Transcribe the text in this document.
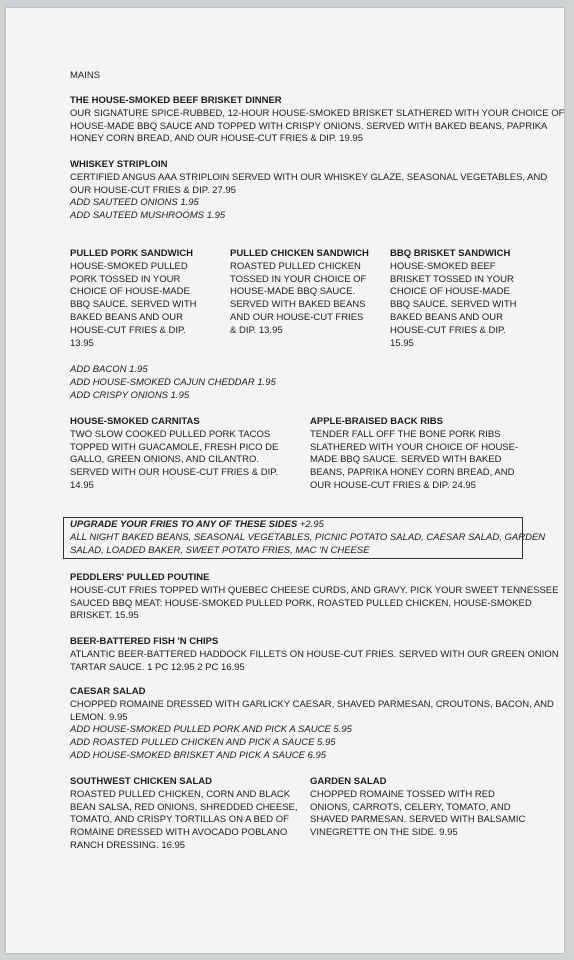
MAINS
THE HOUSE-SMOKED BEEF BRISKET DINNER
OUR SIGNATURE SPICE-RUBBED, 12-HOUR HOUSE-SMOKED BRISKET SLATHERED WITH YOUR CHOICE OF
HOUSE-MADE BBQ SAUCE AND TOPPED WITH CRISPY ONIONS. SERVED WITH BAKED BEANS, PAPRIKA
HONEY CORN BREAD, AND OUR HOUSE-CUT FRIES & DIP. 19.95
WHISKEY STRIPLOIN
CERTIFIED ANGUS AAA STRIPLOIN SERVED WITH OUR WHISKEY GLAZE, SEASONAL VEGETABLES, AND
OUR HOUSE-CUT FRIES & DIP. 27.95
ADD SAUTEED ONIONS 1.95
ADD SAUTEED MUSHROOMS 1.95
PULLED PORK SANDWICH
HOUSE-SMOKED PULLED
PORK TOSSED IN YOUR
CHOICE OF HOUSE-MADE
BBQ SAUCE. SERVED WITH
BAKED BEANS AND OUR
HOUSE-CUT FRIES & DIP.
13.95
PULLED CHICKEN SANDWICH
ROASTED PULLED CHICKEN
TOSSED IN YOUR CHOICE OF
HOUSE-MADE BBQ SAUCE.
SERVED WITH BAKED BEANS
AND OUR HOUSE-CUT FRIES
& DIP. 13.95
BBQ BRISKET SANDWICH
HOUSE-SMOKED BEEF
BRISKET TOSSED IN YOUR
CHOICE OF HOUSE-MADE
BBQ SAUCE. SERVED WITH
BAKED BEANS AND OUR
HOUSE-CUT FRIES & DIP.
15.95
ADD BACON 1.95
ADD HOUSE-SMOKED CAJUN CHEDDAR 1.95
ADD CRISPY ONIONS 1.95
HOUSE-SMOKED CARNITAS
TWO SLOW COOKED PULLED PORK TACOS
TOPPED WITH GUACAMOLE, FRESH PICO DE
GALLO, GREEN ONIONS, AND CILANTRO.
SERVED WITH OUR HOUSE-CUT FRIES & DIP.
14.95
APPLE-BRAISED BACK RIBS
TENDER FALL OFF THE BONE PORK RIBS
SLATHERED WITH YOUR CHOICE OF HOUSE-
MADE BBQ SAUCE. SERVED WITH BAKED
BEANS, PAPRIKA HONEY CORN BREAD, AND
OUR HOUSE-CUT FRIES & DIP. 24.95
UPGRADE YOUR FRIES TO ANY OF THESE SIDES +2.95
ALL NIGHT BAKED BEANS, SEASONAL VEGETABLES, PICNIC POTATO SALAD, CAESAR SALAD, GARDEN
SALAD, LOADED BAKER, SWEET POTATO FRIES, MAC 'N CHEESE
PEDDLERS' PULLED POUTINE
HOUSE-CUT FRIES TOPPED WITH QUEBEC CHEESE CURDS, AND GRAVY. PICK YOUR SWEET TENNESSEE
SAUCED BBQ MEAT: HOUSE-SMOKED PULLED PORK, ROASTED PULLED CHICKEN, HOUSE-SMOKED
BRISKET. 15.95
BEER-BATTERED FISH 'N CHIPS
ATLANTIC BEER-BATTERED HADDOCK FILLETS ON HOUSE-CUT FRIES. SERVED WITH OUR GREEN ONION
TARTAR SAUCE. 1 PC 12.95 2 PC 16.95
CAESAR SALAD
CHOPPED ROMAINE DRESSED WITH GARLICKY CAESAR, SHAVED PARMESAN, CROUTONS, BACON, AND
LEMON. 9.95
ADD HOUSE-SMOKED PULLED PORK AND PICK A SAUCE 5.95
ADD ROASTED PULLED CHICKEN AND PICK A SAUCE 5.95
ADD HOUSE-SMOKED BRISKET AND PICK A SAUCE 6.95
SOUTHWEST CHICKEN SALAD
ROASTED PULLED CHICKEN, CORN AND BLACK
BEAN SALSA, RED ONIONS, SHREDDED CHEESE,
TOMATO, AND CRISPY TORTILLAS ON A BED OF
ROMAINE DRESSED WITH AVOCADO POBLANO
RANCH DRESSING. 16.95
GARDEN SALAD
CHOPPED ROMAINE TOSSED WITH RED
ONIONS, CARROTS, CELERY, TOMATO, AND
SHAVED PARMESAN. SERVED WITH BALSAMIC
VINEGRETTE ON THE SIDE. 9.95
